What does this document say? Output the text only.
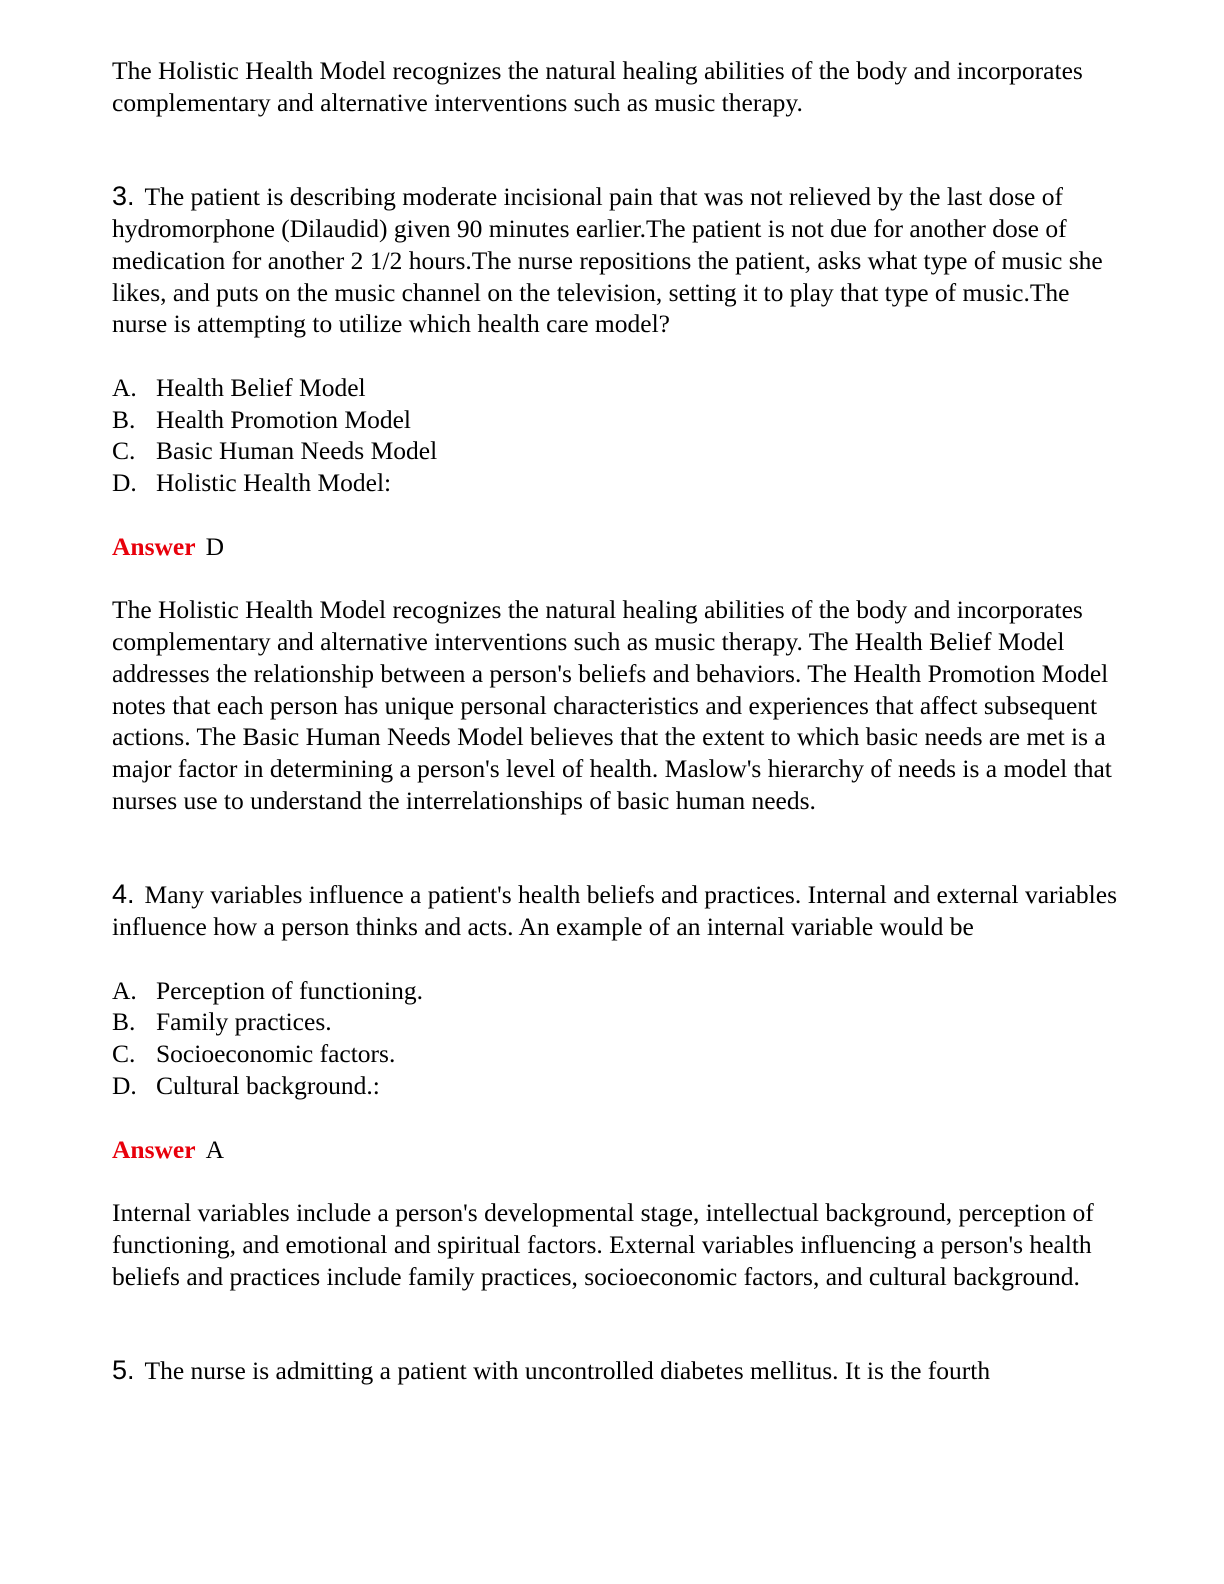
The Holistic Health Model recognizes the natural healing abilities of the body and incorporates complementary and alternative interventions such as music therapy.

3. The patient is describing moderate incisional pain that was not relieved by the last dose of hydromorphone (Dilaudid) given 90 minutes earlier.The patient is not due for another dose of medication for another 2 1/2 hours.The nurse repositions the patient, asks what type of music she likes, and puts on the music channel on the television, setting it to play that type of music.The nurse is attempting to utilize which health care model?

A. Health Belief Model
B. Health Promotion Model
C. Basic Human Needs Model
D. Holistic Health Model:

Answer D

The Holistic Health Model recognizes the natural healing abilities of the body and incorporates complementary and alternative interventions such as music therapy. The Health Belief Model addresses the relationship between a person's beliefs and behaviors. The Health Promotion Model notes that each person has unique personal characteristics and experiences that affect subsequent actions. The Basic Human Needs Model believes that the extent to which basic needs are met is a major factor in determining a person's level of health. Maslow's hierarchy of needs is a model that nurses use to understand the interrelationships of basic human needs.

4. Many variables influence a patient's health beliefs and practices. Internal and external variables influence how a person thinks and acts. An example of an internal variable would be

A. Perception of functioning.
B. Family practices.
C. Socioeconomic factors.
D. Cultural background.:

Answer A

Internal variables include a person's developmental stage, intellectual background, perception of functioning, and emotional and spiritual factors. External variables influencing a person's health beliefs and practices include family practices, socioeconomic factors, and cultural background.

5. The nurse is admitting a patient with uncontrolled diabetes mellitus. It is the fourth
